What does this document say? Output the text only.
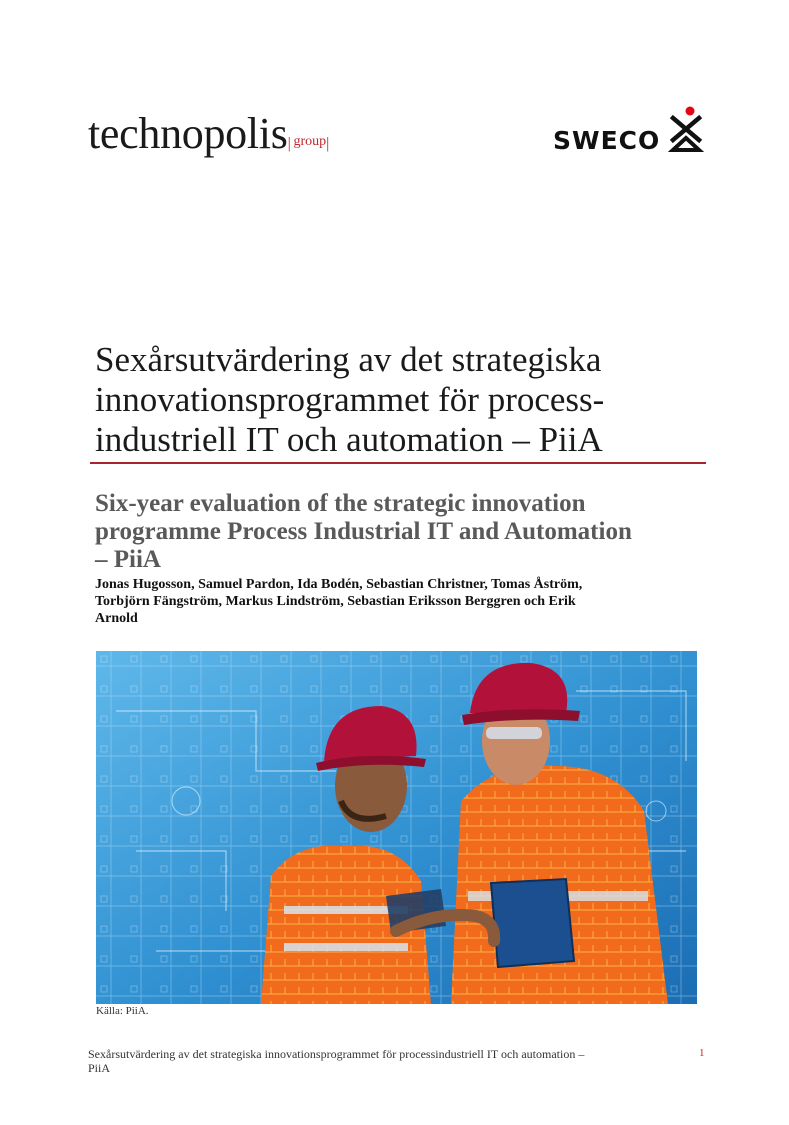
technopolis| group|	SWECO
Sexårsutvärdering av det strategiska
innovationsprogrammet för process-
industriell IT och automation – PiiA
Six-year evaluation of the strategic innovation
programme Process Industrial IT and Automation
– PiiA

Jonas Hugosson, Samuel Pardon, Ida Bodén, Sebastian Christner, Tomas Åström,
Torbjörn Fängström, Markus Lindström, Sebastian Eriksson Berggren och Erik
Arnold

Källa: PiiA.
Sexårsutvärdering av det strategiska innovationsprogrammet för processindustriell IT och automation –
PiiA
1
